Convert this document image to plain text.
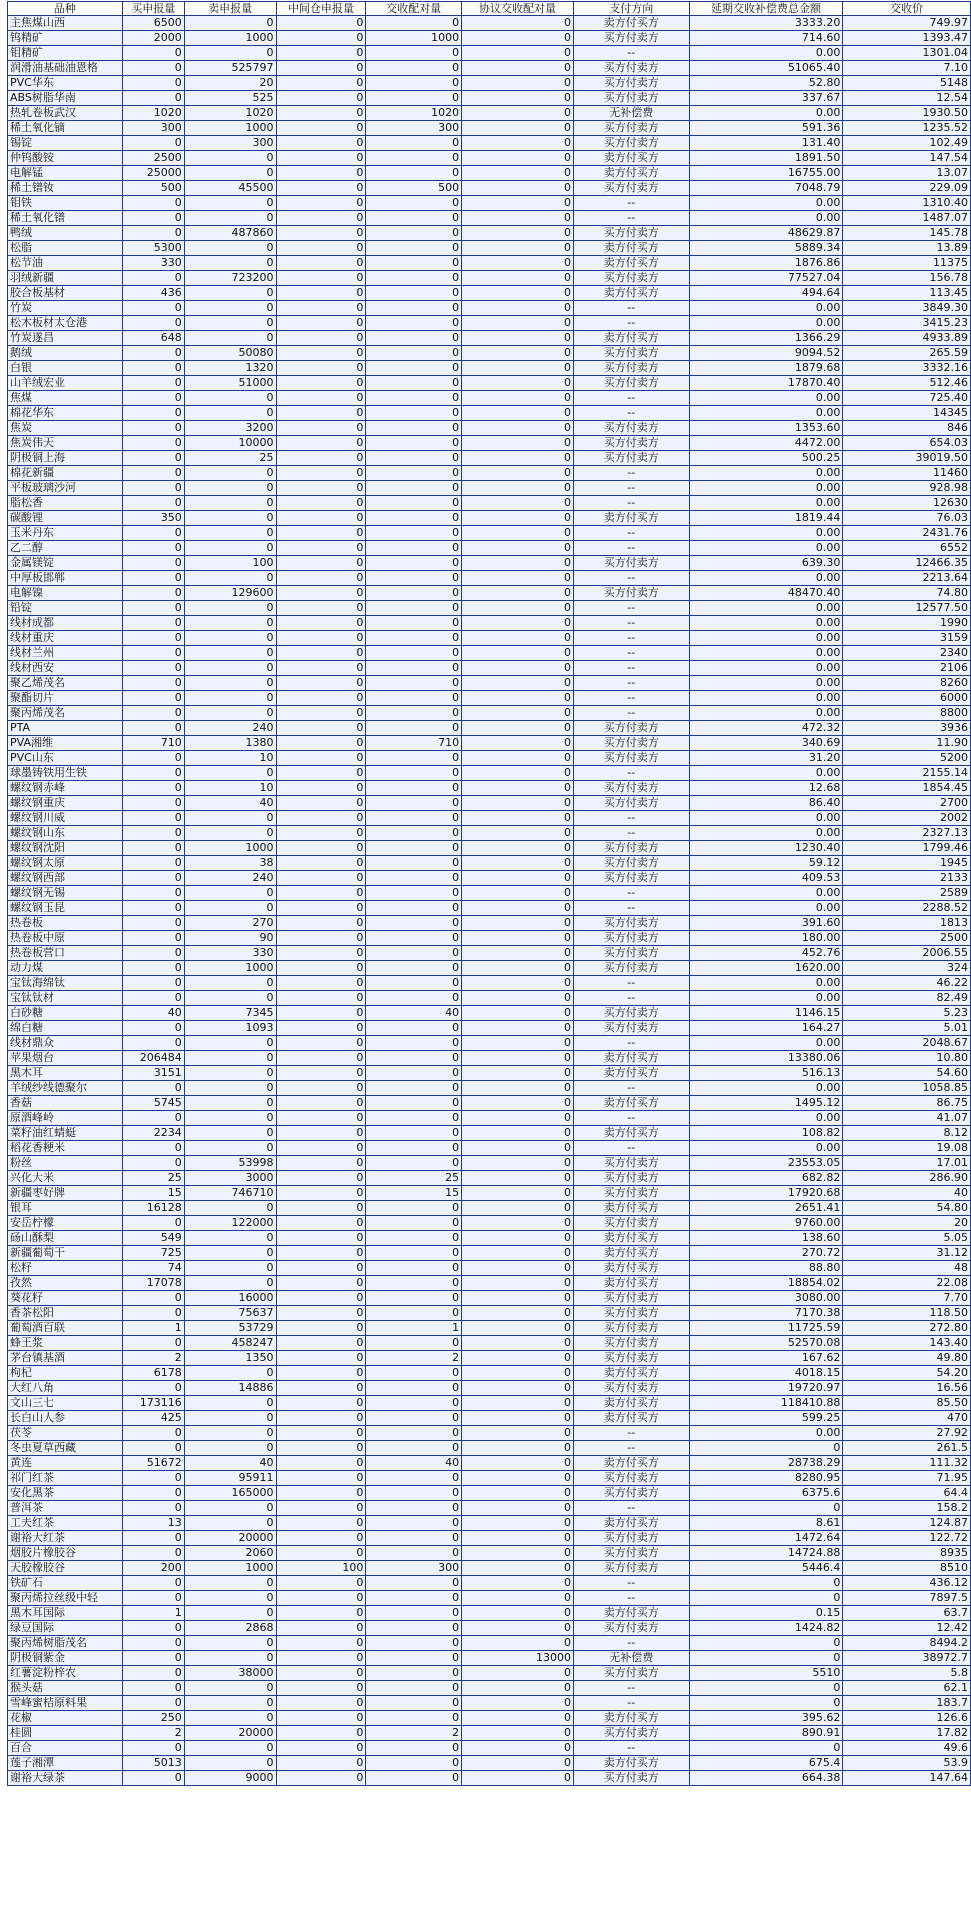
品种	买申报量	卖申报量	中间仓申报量	交收配对量	协议交收配对量	支付方向	延期交收补偿费总金额	交收价
主焦煤山西	6500	0	0	0	0	卖方付买方	3333.20	749.97
钨精矿	2000	1000	0	1000	0	买方付卖方	714.60	1393.47
钼精矿	0	0	0	0	0	--	0.00	1301.04
润滑油基础油恩格	0	525797	0	0	0	买方付卖方	51065.40	7.10
PVC华东	0	20	0	0	0	买方付卖方	52.80	5148
ABS树脂华南	0	525	0	0	0	买方付卖方	337.67	12.54
热轧卷板武汉	1020	1020	0	1020	0	无补偿费	0.00	1930.50
稀土氧化镝	300	1000	0	300	0	买方付卖方	591.36	1235.52
锡锭	0	300	0	0	0	买方付卖方	131.40	102.49
仲钨酸铵	2500	0	0	0	0	卖方付买方	1891.50	147.54
电解锰	25000	0	0	0	0	卖方付买方	16755.00	13.07
稀土镨钕	500	45500	0	500	0	买方付卖方	7048.79	229.09
钼铁	0	0	0	0	0	--	0.00	1310.40
稀土氧化镨	0	0	0	0	0	--	0.00	1487.07
鸭绒	0	487860	0	0	0	买方付卖方	48629.87	145.78
松脂	5300	0	0	0	0	卖方付买方	5889.34	13.89
松节油	330	0	0	0	0	卖方付买方	1876.86	11375
羽绒新疆	0	723200	0	0	0	买方付卖方	77527.04	156.78
胶合板基材	436	0	0	0	0	卖方付买方	494.64	113.45
竹炭	0	0	0	0	0	--	0.00	3849.30
松木板材太仓港	0	0	0	0	0	--	0.00	3415.23
竹炭遂昌	648	0	0	0	0	卖方付买方	1366.29	4933.89
鹅绒	0	50080	0	0	0	买方付卖方	9094.52	265.59
白银	0	1320	0	0	0	买方付卖方	1879.68	3332.16
山羊绒宏业	0	51000	0	0	0	买方付卖方	17870.40	512.46
焦煤	0	0	0	0	0	--	0.00	725.40
棉花华东	0	0	0	0	0	--	0.00	14345
焦炭	0	3200	0	0	0	买方付卖方	1353.60	846
焦炭伟天	0	10000	0	0	0	买方付卖方	4472.00	654.03
阴极铜上海	0	25	0	0	0	买方付卖方	500.25	39019.50
棉花新疆	0	0	0	0	0	--	0.00	11460
平板玻璃沙河	0	0	0	0	0	--	0.00	928.98
脂松香	0	0	0	0	0	--	0.00	12630
碳酸锂	350	0	0	0	0	卖方付买方	1819.44	76.03
玉米丹东	0	0	0	0	0	--	0.00	2431.76
乙二醇	0	0	0	0	0	--	0.00	6552
金属镁锭	0	100	0	0	0	买方付卖方	639.30	12466.35
中厚板邯郸	0	0	0	0	0	--	0.00	2213.64
电解镍	0	129600	0	0	0	买方付卖方	48470.40	74.80
铅锭	0	0	0	0	0	--	0.00	12577.50
线材成都	0	0	0	0	0	--	0.00	1990
线材重庆	0	0	0	0	0	--	0.00	3159
线材兰州	0	0	0	0	0	--	0.00	2340
线材西安	0	0	0	0	0	--	0.00	2106
聚乙烯茂名	0	0	0	0	0	--	0.00	8260
聚酯切片	0	0	0	0	0	--	0.00	6000
聚丙烯茂名	0	0	0	0	0	--	0.00	8800
PTA	0	240	0	0	0	买方付卖方	472.32	3936
PVA湘维	710	1380	0	710	0	买方付卖方	340.69	11.90
PVC山东	0	10	0	0	0	买方付卖方	31.20	5200
球墨铸铁用生铁	0	0	0	0	0	--	0.00	2155.14
螺纹钢赤峰	0	10	0	0	0	买方付卖方	12.68	1854.45
螺纹钢重庆	0	40	0	0	0	买方付卖方	86.40	2700
螺纹钢川威	0	0	0	0	0	--	0.00	2002
螺纹钢山东	0	0	0	0	0	--	0.00	2327.13
螺纹钢沈阳	0	1000	0	0	0	买方付卖方	1230.40	1799.46
螺纹钢太原	0	38	0	0	0	买方付卖方	59.12	1945
螺纹钢西部	0	240	0	0	0	买方付卖方	409.53	2133
螺纹钢无锡	0	0	0	0	0	--	0.00	2589
螺纹钢玉昆	0	0	0	0	0	--	0.00	2288.52
热卷板	0	270	0	0	0	买方付卖方	391.60	1813
热卷板中原	0	90	0	0	0	买方付卖方	180.00	2500
热卷板营口	0	330	0	0	0	买方付卖方	452.76	2006.55
动力煤	0	1000	0	0	0	买方付卖方	1620.00	324
宝钛海绵钛	0	0	0	0	0	--	0.00	46.22
宝钛钛材	0	0	0	0	0	--	0.00	82.49
白砂糖	40	7345	0	40	0	买方付卖方	1146.15	5.23
绵白糖	0	1093	0	0	0	买方付卖方	164.27	5.01
线材鼎众	0	0	0	0	0	--	0.00	2048.67
苹果烟台	206484	0	0	0	0	卖方付买方	13380.06	10.80
黑木耳	3151	0	0	0	0	卖方付买方	516.13	54.60
羊绒纱线德聚尔	0	0	0	0	0	--	0.00	1058.85
香菇	5745	0	0	0	0	卖方付买方	1495.12	86.75
原酒峰岭	0	0	0	0	0	--	0.00	41.07
菜籽油红蜻蜓	2234	0	0	0	0	卖方付买方	108.82	8.12
稻花香粳米	0	0	0	0	0	--	0.00	19.08
粉丝	0	53998	0	0	0	买方付卖方	23553.05	17.01
兴化大米	25	3000	0	25	0	买方付卖方	682.82	286.90
新疆枣好牌	15	746710	0	15	0	买方付卖方	17920.68	40
银耳	16128	0	0	0	0	卖方付买方	2651.41	54.80
安岳柠檬	0	122000	0	0	0	买方付卖方	9760.00	20
砀山酥梨	549	0	0	0	0	卖方付买方	138.60	5.05
新疆葡萄干	725	0	0	0	0	卖方付买方	270.72	31.12
松籽	74	0	0	0	0	卖方付买方	88.80	48
孜然	17078	0	0	0	0	卖方付买方	18854.02	22.08
葵花籽	0	16000	0	0	0	买方付卖方	3080.00	7.70
香茶松阳	0	75637	0	0	0	买方付卖方	7170.38	118.50
葡萄酒百联	1	53729	0	1	0	买方付卖方	11725.59	272.80
蜂王浆	0	458247	0	0	0	买方付卖方	52570.08	143.40
茅台镇基酒	2	1350	0	2	0	买方付卖方	167.62	49.80
枸杞	6178	0	0	0	0	卖方付买方	4018.15	54.20
大红八角	0	14886	0	0	0	买方付卖方	19720.97	16.56
文山三七	173116	0	0	0	0	卖方付买方	118410.88	85.50
长白山人参	425	0	0	0	0	卖方付买方	599.25	470
茯苓	0	0	0	0	0	--	0.00	27.92
冬虫夏草西藏	0	0	0	0	0	--	0	261.5
黄连	51672	40	0	40	0	卖方付买方	28738.29	111.32
祁门红茶	0	95911	0	0	0	买方付卖方	8280.95	71.95
安化黑茶	0	165000	0	0	0	买方付卖方	6375.6	64.4
普洱茶	0	0	0	0	0	--	0	158.2
工夫红茶	13	0	0	0	0	卖方付买方	8.61	124.87
谢裕大红茶	0	20000	0	0	0	买方付卖方	1472.64	122.72
烟胶片橡胶谷	0	2060	0	0	0	买方付卖方	14724.88	8935
天胶橡胶谷	200	1000	100	300	0	买方付卖方	5446.4	8510
铁矿石	0	0	0	0	0	--	0	436.12
聚丙烯拉丝级中轻	0	0	0	0	0	--	0	7897.5
黑木耳国际	1	0	0	0	0	卖方付买方	0.15	63.7
绿豆国际	0	2868	0	0	0	买方付卖方	1424.82	12.42
聚丙烯树脂茂名	0	0	0	0	0	--	0	8494.2
阴极铜紫金	0	0	0	0	13000	无补偿费	0	38972.7
红薯淀粉梓农	0	38000	0	0	0	买方付卖方	5510	5.8
猴头菇	0	0	0	0	0	--	0	62.1
雪峰蜜桔原料果	0	0	0	0	0	--	0	183.7
花椒	250	0	0	0	0	卖方付买方	395.62	126.6
桂圆	2	20000	0	2	0	买方付卖方	890.91	17.82
百合	0	0	0	0	0	--	0	49.6
莲子湘潭	5013	0	0	0	0	卖方付买方	675.4	53.9
谢裕大绿茶	0	9000	0	0	0	买方付卖方	664.38	147.64
